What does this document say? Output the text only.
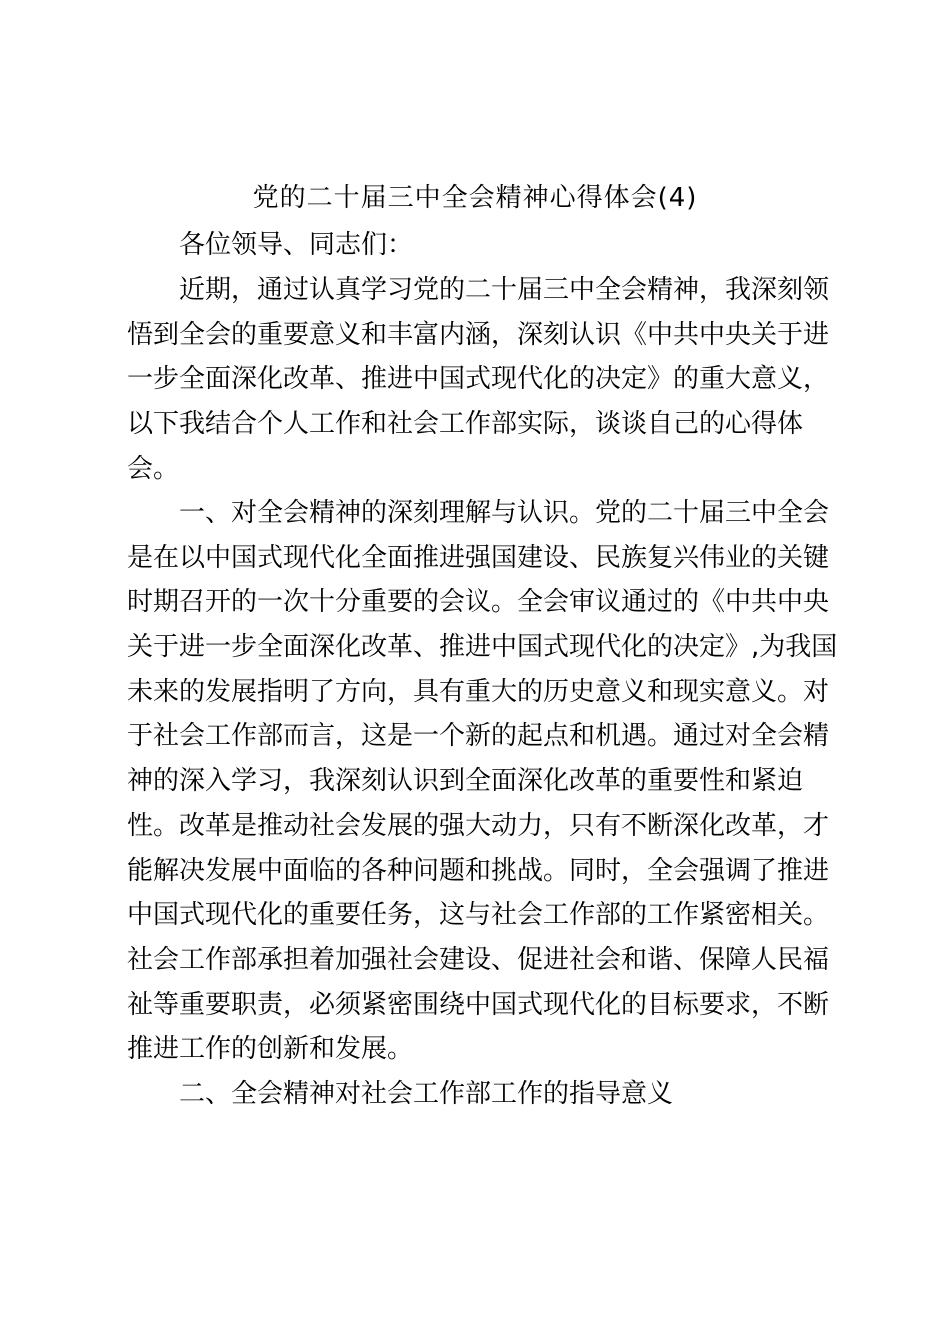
党的二十届三中全会精神心得体会(4)
各位领导、同志们：
近期，通过认真学习党的二十届三中全会精神，我深刻领
悟到全会的重要意义和丰富内涵，深刻认识《中共中央关于进
一步全面深化改革、推进中国式现代化的决定》的重大意义，
以下我结合个人工作和社会工作部实际，谈谈自己的心得体
会。
一、对全会精神的深刻理解与认识。党的二十届三中全会
是在以中国式现代化全面推进强国建设、民族复兴伟业的关键
时期召开的一次十分重要的会议。全会审议通过的《中共中央
关于进一步全面深化改革、推进中国式现代化的决定》,为我国
未来的发展指明了方向，具有重大的历史意义和现实意义。对
于社会工作部而言，这是一个新的起点和机遇。通过对全会精
神的深入学习，我深刻认识到全面深化改革的重要性和紧迫
性。改革是推动社会发展的强大动力，只有不断深化改革，才
能解决发展中面临的各种问题和挑战。同时，全会强调了推进
中国式现代化的重要任务，这与社会工作部的工作紧密相关。
社会工作部承担着加强社会建设、促进社会和谐、保障人民福
祉等重要职责，必须紧密围绕中国式现代化的目标要求，不断
推进工作的创新和发展。
二、全会精神对社会工作部工作的指导意义
